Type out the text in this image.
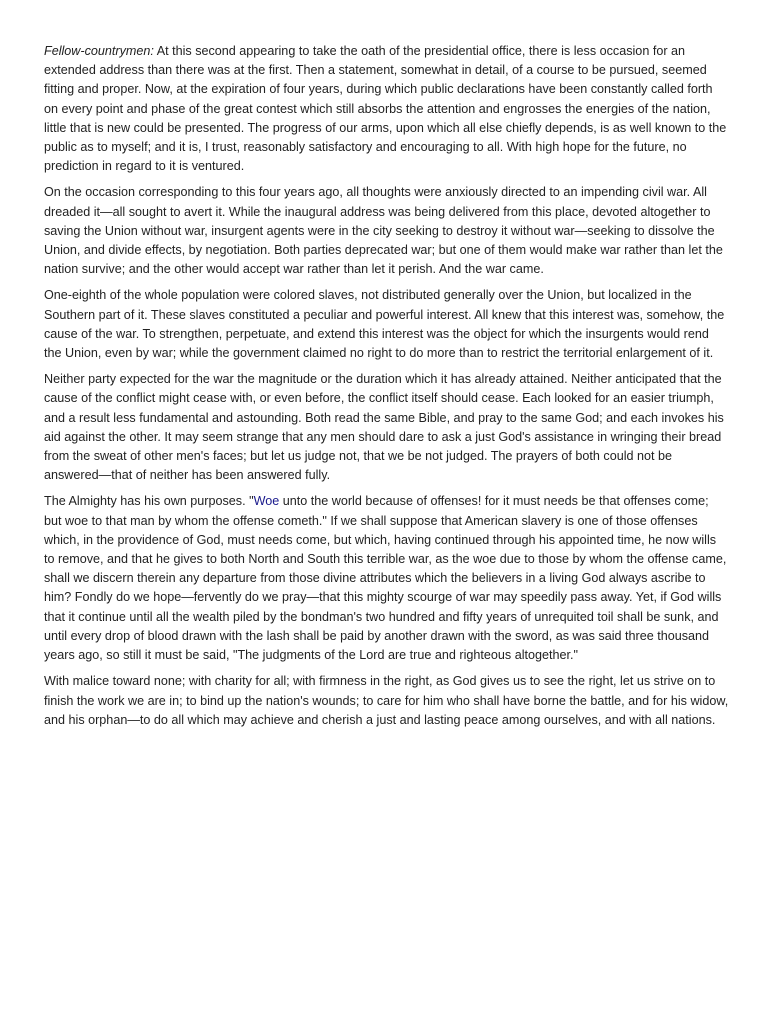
Fellow-countrymen: At this second appearing to take the oath of the presidential office, there is less occasion for an extended address than there was at the first. Then a statement, somewhat in detail, of a course to be pursued, seemed fitting and proper. Now, at the expiration of four years, during which public declarations have been constantly called forth on every point and phase of the great contest which still absorbs the attention and engrosses the energies of the nation, little that is new could be presented. The progress of our arms, upon which all else chiefly depends, is as well known to the public as to myself; and it is, I trust, reasonably satisfactory and encouraging to all. With high hope for the future, no prediction in regard to it is ventured.

On the occasion corresponding to this four years ago, all thoughts were anxiously directed to an impending civil war. All dreaded it—all sought to avert it. While the inaugural address was being delivered from this place, devoted altogether to saving the Union without war, insurgent agents were in the city seeking to destroy it without war—seeking to dissolve the Union, and divide effects, by negotiation. Both parties deprecated war; but one of them would make war rather than let the nation survive; and the other would accept war rather than let it perish. And the war came.

One-eighth of the whole population were colored slaves, not distributed generally over the Union, but localized in the Southern part of it. These slaves constituted a peculiar and powerful interest. All knew that this interest was, somehow, the cause of the war. To strengthen, perpetuate, and extend this interest was the object for which the insurgents would rend the Union, even by war; while the government claimed no right to do more than to restrict the territorial enlargement of it.

Neither party expected for the war the magnitude or the duration which it has already attained. Neither anticipated that the cause of the conflict might cease with, or even before, the conflict itself should cease. Each looked for an easier triumph, and a result less fundamental and astounding. Both read the same Bible, and pray to the same God; and each invokes his aid against the other. It may seem strange that any men should dare to ask a just God's assistance in wringing their bread from the sweat of other men's faces; but let us judge not, that we be not judged. The prayers of both could not be answered—that of neither has been answered fully.

The Almighty has his own purposes. "Woe unto the world because of offenses! for it must needs be that offenses come; but woe to that man by whom the offense cometh." If we shall suppose that American slavery is one of those offenses which, in the providence of God, must needs come, but which, having continued through his appointed time, he now wills to remove, and that he gives to both North and South this terrible war, as the woe due to those by whom the offense came, shall we discern therein any departure from those divine attributes which the believers in a living God always ascribe to him? Fondly do we hope—fervently do we pray—that this mighty scourge of war may speedily pass away. Yet, if God wills that it continue until all the wealth piled by the bondman's two hundred and fifty years of unrequited toil shall be sunk, and until every drop of blood drawn with the lash shall be paid by another drawn with the sword, as was said three thousand years ago, so still it must be said, "The judgments of the Lord are true and righteous altogether."

With malice toward none; with charity for all; with firmness in the right, as God gives us to see the right, let us strive on to finish the work we are in; to bind up the nation's wounds; to care for him who shall have borne the battle, and for his widow, and his orphan—to do all which may achieve and cherish a just and lasting peace among ourselves, and with all nations.
